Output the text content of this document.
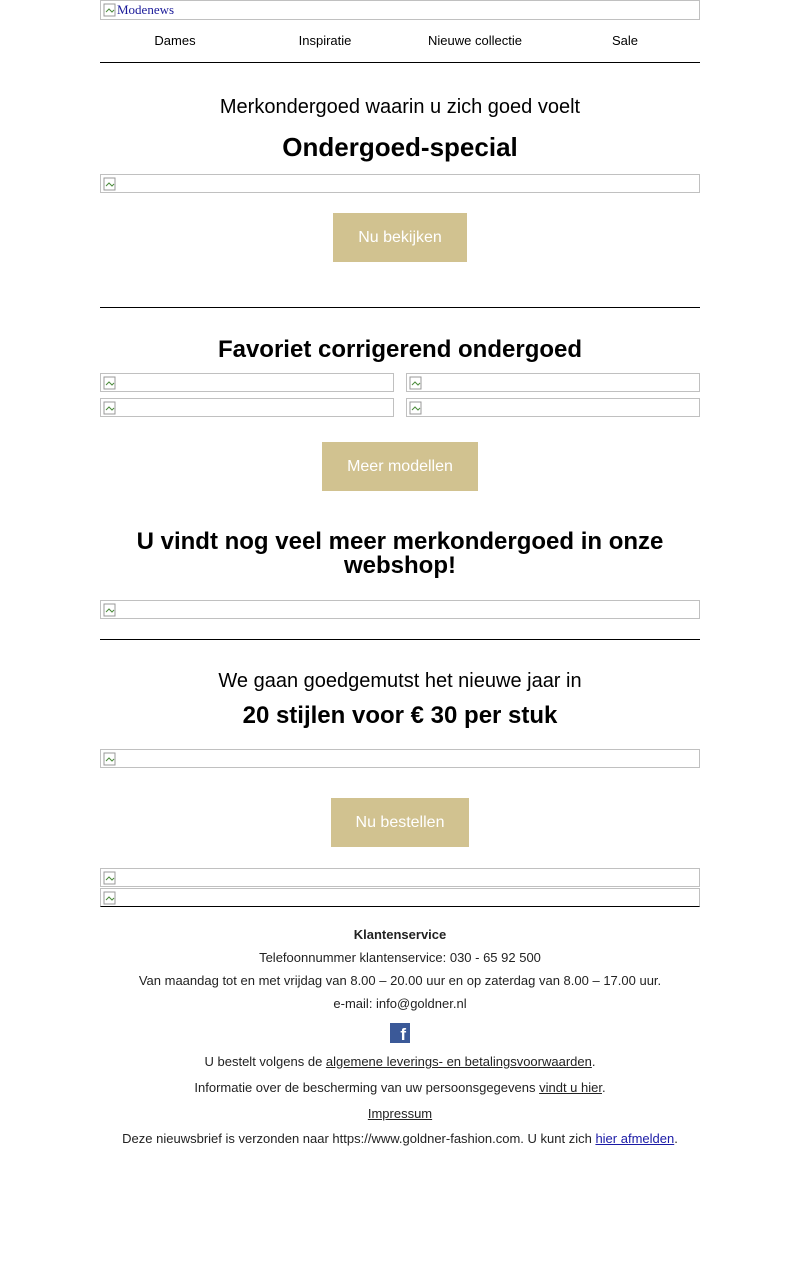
Modenews
Dames	Inspiratie	Nieuwe collectie	Sale

Merkondergoed waarin u zich goed voelt

Ondergoed-special

Nu bekijken

Favoriet corrigerend ondergoed

Meer modellen

U vindt nog veel meer merkondergoed in onze webshop!

We gaan goedgemutst het nieuwe jaar in

20 stijlen voor € 30 per stuk

Nu bestellen

Klantenservice

Telefoonnummer klantenservice: 030 - 65 92 500

Van maandag tot en met vrijdag van 8.00 – 20.00 uur en op zaterdag van 8.00 – 17.00 uur.

e-mail: info@goldner.nl

f

U bestelt volgens de algemene leverings- en betalingsvoorwaarden.

Informatie over de bescherming van uw persoonsgegevens vindt u hier.

Impressum

Deze nieuwsbrief is verzonden naar https://www.goldner-fashion.com. U kunt zich hier afmelden.
